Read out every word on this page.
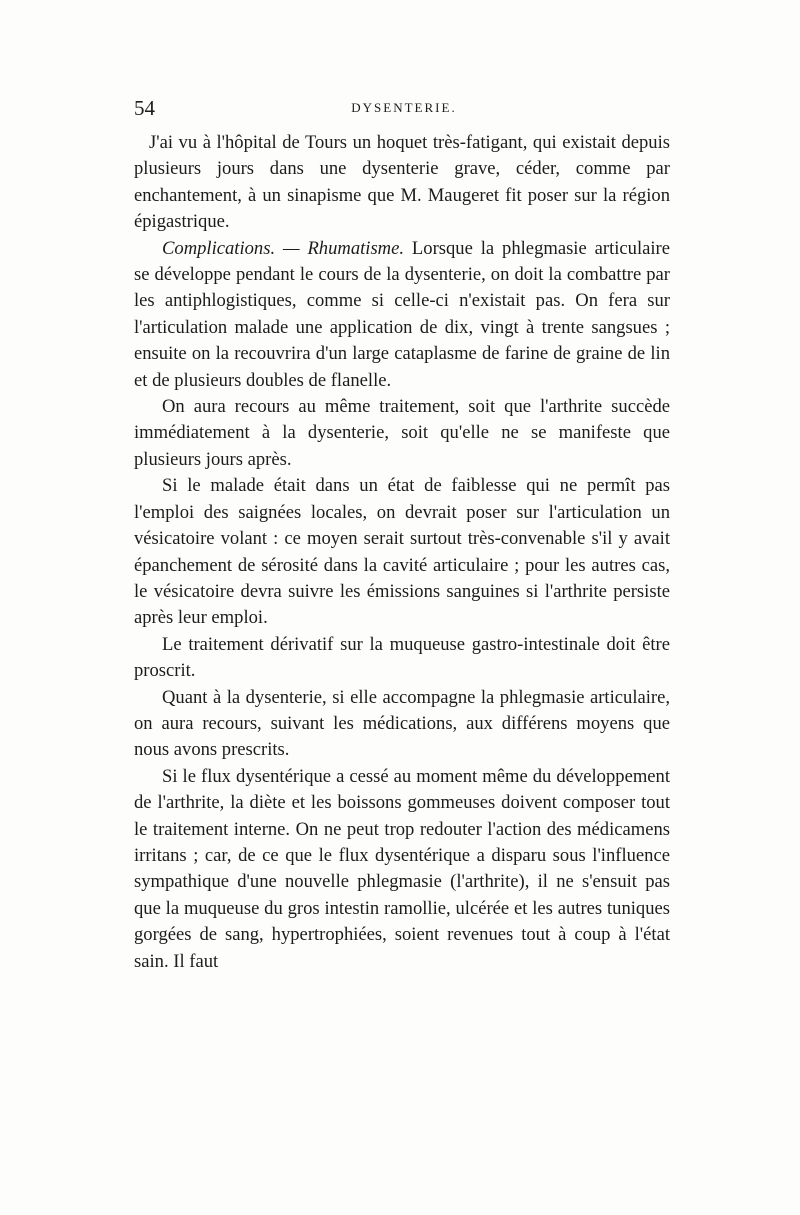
54	DYSENTERIE.

J'ai vu à l'hôpital de Tours un hoquet très-fatigant, qui existait depuis plusieurs jours dans une dysenterie grave, céder, comme par enchantement, à un sinapisme que M. Maugeret fit poser sur la région épigastrique.

Complications. — Rhumatisme. Lorsque la phlegmasie articulaire se développe pendant le cours de la dysenterie, on doit la combattre par les antiphlogistiques, comme si celle-ci n'existait pas. On fera sur l'articulation malade une application de dix, vingt à trente sangsues ; ensuite on la recouvrira d'un large cataplasme de farine de graine de lin et de plusieurs doubles de flanelle.

On aura recours au même traitement, soit que l'arthrite succède immédiatement à la dysenterie, soit qu'elle ne se manifeste que plusieurs jours après.

Si le malade était dans un état de faiblesse qui ne permît pas l'emploi des saignées locales, on devrait poser sur l'articulation un vésicatoire volant : ce moyen serait surtout très-convenable s'il y avait épanchement de sérosité dans la cavité articulaire ; pour les autres cas, le vésicatoire devra suivre les émissions sanguines si l'arthrite persiste après leur emploi.

Le traitement dérivatif sur la muqueuse gastro-intestinale doit être proscrit.

Quant à la dysenterie, si elle accompagne la phlegmasie articulaire, on aura recours, suivant les médications, aux différens moyens que nous avons prescrits.

Si le flux dysentérique a cessé au moment même du développement de l'arthrite, la diète et les boissons gommeuses doivent composer tout le traitement interne. On ne peut trop redouter l'action des médicamens irritans ; car, de ce que le flux dysentérique a disparu sous l'influence sympathique d'une nouvelle phlegmasie (l'arthrite), il ne s'ensuit pas que la muqueuse du gros intestin ramollie, ulcérée et les autres tuniques gorgées de sang, hypertrophiées, soient revenues tout à coup à l'état sain. Il faut
